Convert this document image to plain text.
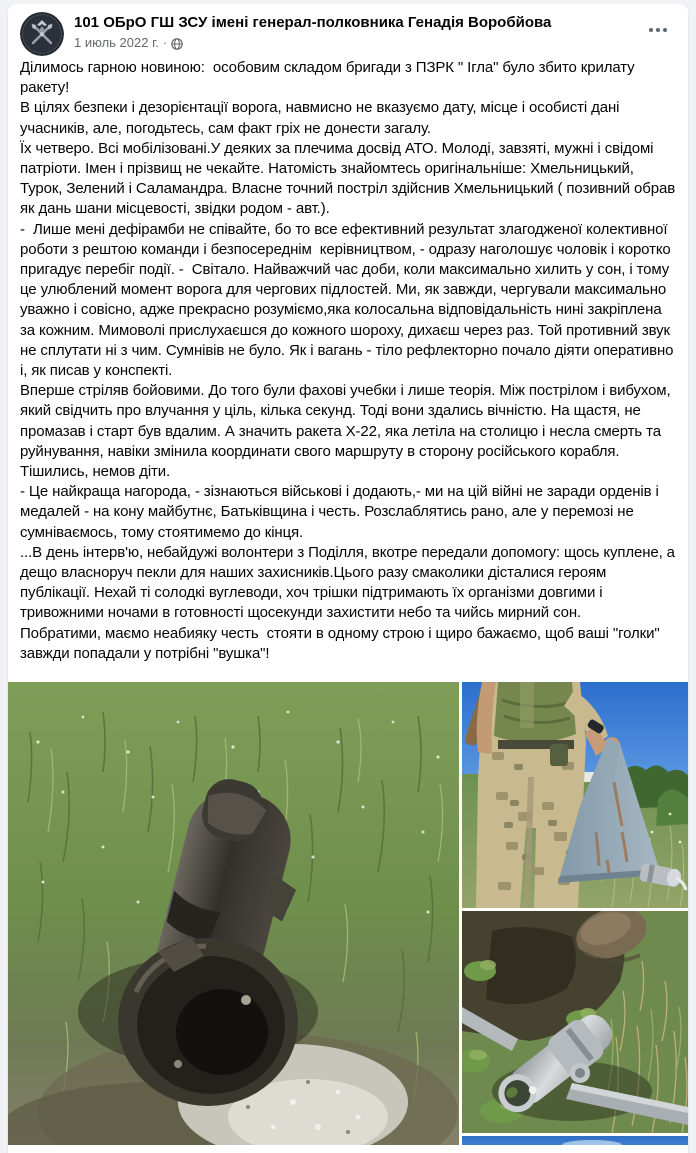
101 ОБрО ГШ ЗСУ імені генерал-полковника Генадія Воробйова
1 июль 2022 г. ·

Ділимось гарною новиною:  особовим складом бригади з ПЗРК " Ігла" було збито крилату ракету!

В цілях безпеки і дезорієнтації ворога, навмисно не вказуємо дату, місце і особисті дані учасників, але, погодьтесь, сам факт гріх не донести загалу.

Їх четверо. Всі мобілізовані.У деяких за плечима досвід АТО. Молоді, завзяті, мужні і свідомі патріоти. Імен і прізвищ не чекайте. Натомість знайомтесь оригінальніше: Хмельницький, Турок, Зелений і Саламандра. Власне точний постріл здійснив Хмельницький ( позивний обрав як дань шани місцевості, звідки родом - авт.).

-  Лише мені дефірамби не співайте, бо то все ефективний результат злагодженої колективної роботи з рештою команди і безпосереднім  керівництвом, - одразу наголошує чоловік і коротко пригадує перебіг події. -  Світало. Найважчий час доби, коли максимально хилить у сон, і тому це улюблений момент ворога для чергових підлостей. Ми, як завжди, чергували максимально уважно і совісно, адже прекрасно розуміємо,яка колосальна відповідальність нині закріплена за кожним. Мимоволі прислухаєшся до кожного шороху, дихаєш через раз. Той противний звук не сплутати ні з чим. Сумнівів не було. Як і вагань - тіло рефлекторно почало діяти оперативно і, як писав у конспекті.

Вперше стріляв бойовими. До того були фахові учебки і лише теорія. Між пострілом і вибухом, який свідчить про влучання у ціль, кілька секунд. Тоді вони здались вічністю. На щастя, не промазав і старт був вдалим. А значить ракета Х-22, яка летіла на столицю і несла смерть та руйнування, навіки змінила координати свого маршруту в сторону російського корабля.

Тішились, немов діти.

- Це найкраща нагорода, - зізнаються військові і додають,- ми на цій війні не заради орденів і медалей - на кону майбутнє, Батьківщина і честь. Розслаблятись рано, але у перемозі не сумніваємось, тому стоятимемо до кінця.

...В день інтерв'ю, небайдужі волонтери з Поділля, вкотре передали допомогу: щось куплене, а дещо власноруч пекли для наших захисників.Цього разу смаколики дісталися героям публікації. Нехай ті солодкі вуглеводи, хоч трішки підтримають їх організми довгими і тривожними ночами в готовності щосекунди захистити небо та чийсь мирний сон.

Побратими, маємо неабияку честь  стояти в одному строю і щиро бажаємо, щоб ваші "голки" завжди попадали у потрібні "вушка"!
